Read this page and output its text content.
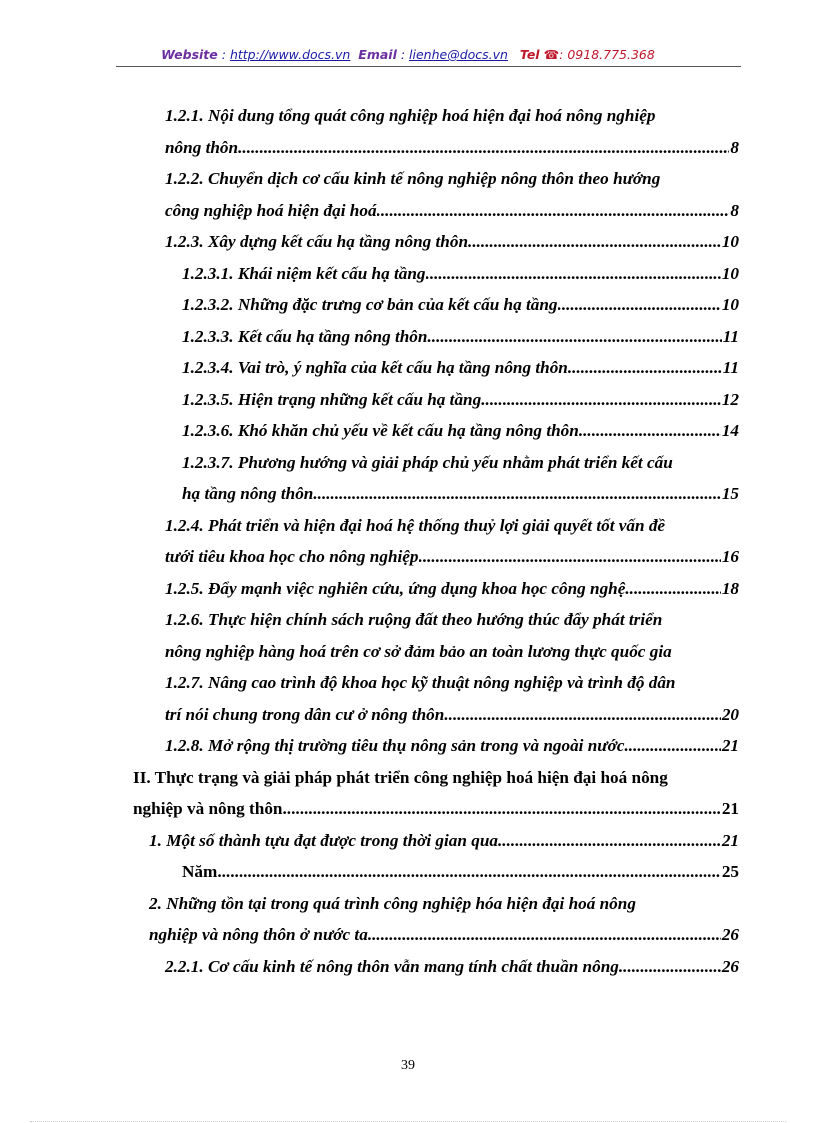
Website : http://www.docs.vn Email : lienhe@docs.vn Tel ☎: 0918.775.368
1.2.1. Nội dung tổng quát công nghiệp hoá hiện đại hoá nông nghiệp
nông thôn .....	8
1.2.2. Chuyển dịch cơ cấu kinh tế nông nghiệp nông thôn theo hướng
công nghiệp hoá hiện đại hoá .....	8
1.2.3. Xây dựng kết cấu hạ tầng nông thôn .....	10
1.2.3.1. Khái niệm kết cấu hạ tầng .....	10
1.2.3.2. Những đặc trưng cơ bản của kết cấu hạ tầng .....	10
1.2.3.3. Kết cấu hạ tầng nông thôn .....	11
1.2.3.4. Vai trò, ý nghĩa của kết cấu hạ tầng nông thôn .....	11
1.2.3.5. Hiện trạng những kết cấu hạ tầng .....	12
1.2.3.6. Khó khăn chủ yếu về kết cấu hạ tầng nông thôn .....	14
1.2.3.7. Phương hướng và giải pháp chủ yếu nhằm phát triển kết cấu
hạ tầng nông thôn .....	15
1.2.4. Phát triển và hiện đại hoá hệ thống thuỷ lợi giải quyết tốt vấn đề
tưới tiêu khoa học cho nông nghiệp .....	16
1.2.5. Đẩy mạnh việc nghiên cứu, ứng dụng khoa học công nghệ .....	18
1.2.6. Thực hiện chính sách ruộng đất theo hướng thúc đẩy phát triển
nông nghiệp hàng hoá trên cơ sở đảm bảo an toàn lương thực quốc gia
1.2.7. Nâng cao trình độ khoa học kỹ thuật nông nghiệp và trình độ dân
trí nói chung trong dân cư ở nông thôn .....	20
1.2.8. Mở rộng thị trường tiêu thụ nông sản trong và ngoài nước .....	21
II. Thực trạng và giải pháp phát triển công nghiệp hoá hiện đại hoá nông
nghiệp và nông thôn .....	21
1. Một số thành tựu đạt được trong thời gian qua .....	21
Năm .....	25
2. Những tồn tại trong quá trình công nghiệp hóa hiện đại hoá nông
nghiệp và nông thôn ở nước ta .....	26
2.2.1. Cơ cấu kinh tế nông thôn vẫn mang tính chất thuần nông .....	26
39
